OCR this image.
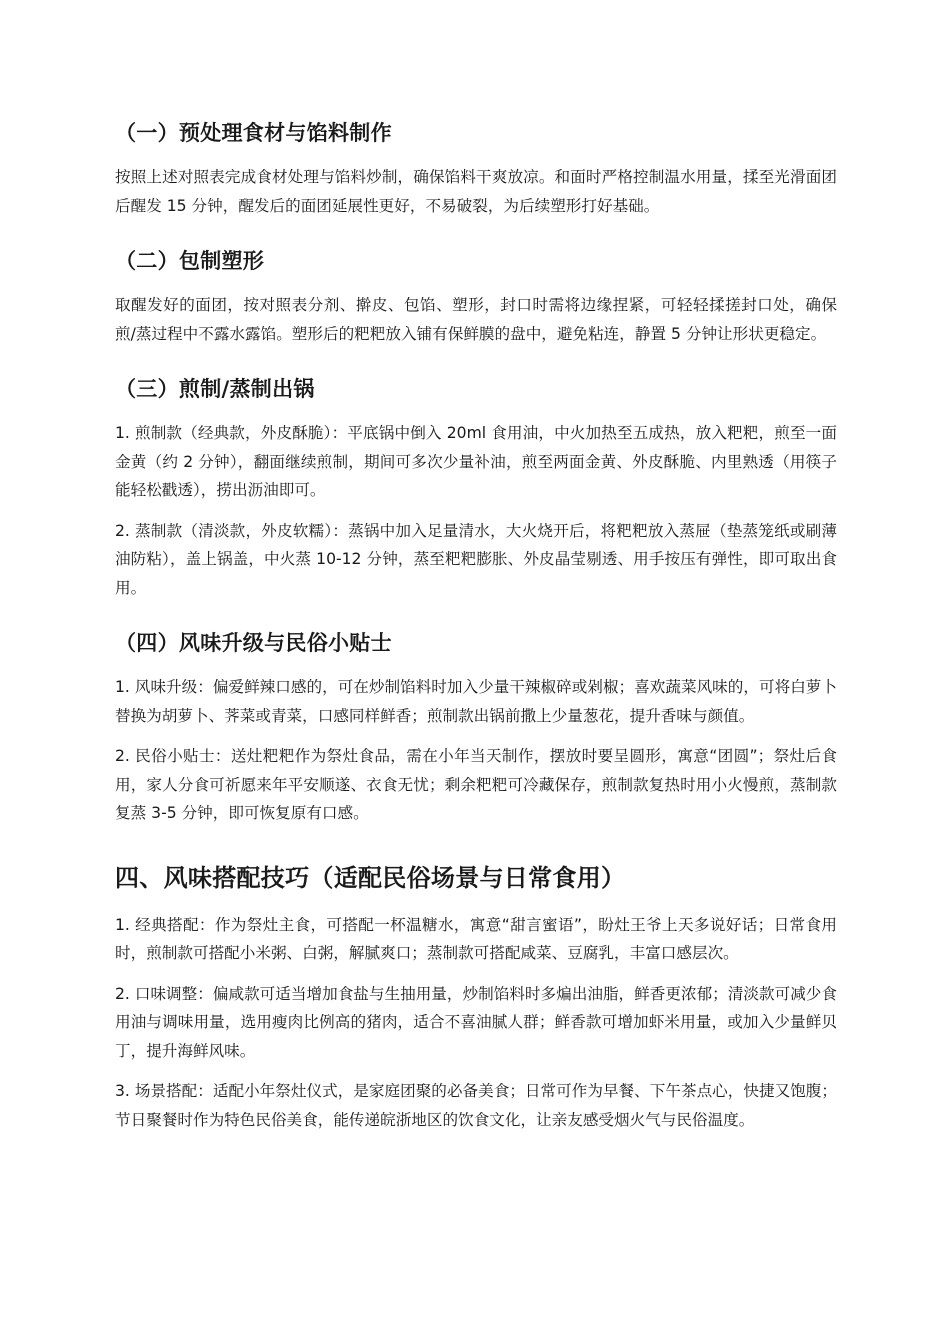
（一）预处理食材与馅料制作

按照上述对照表完成食材处理与馅料炒制，确保馅料干爽放凉。和面时严格控制温水用量，揉至光滑面团后醒发 15 分钟，醒发后的面团延展性更好，不易破裂，为后续塑形打好基础。

（二）包制塑形

取醒发好的面团，按对照表分剂、擀皮、包馅、塑形，封口时需将边缘捏紧，可轻轻揉搓封口处，确保煎/蒸过程中不露水露馅。塑形后的粑粑放入铺有保鲜膜的盘中，避免粘连，静置 5 分钟让形状更稳定。

（三）煎制/蒸制出锅

1. 煎制款（经典款，外皮酥脆）：平底锅中倒入 20ml 食用油，中火加热至五成热，放入粑粑，煎至一面金黄（约 2 分钟），翻面继续煎制，期间可多次少量补油，煎至两面金黄、外皮酥脆、内里熟透（用筷子能轻松戳透），捞出沥油即可。

2. 蒸制款（清淡款，外皮软糯）：蒸锅中加入足量清水，大火烧开后，将粑粑放入蒸屉（垫蒸笼纸或刷薄油防粘），盖上锅盖，中火蒸 10-12 分钟，蒸至粑粑膨胀、外皮晶莹剔透、用手按压有弹性，即可取出食用。

（四）风味升级与民俗小贴士

1. 风味升级：偏爱鲜辣口感的，可在炒制馅料时加入少量干辣椒碎或剁椒；喜欢蔬菜风味的，可将白萝卜替换为胡萝卜、荠菜或青菜，口感同样鲜香；煎制款出锅前撒上少量葱花，提升香味与颜值。

2. 民俗小贴士：送灶粑粑作为祭灶食品，需在小年当天制作，摆放时要呈圆形，寓意“团圆”；祭灶后食用，家人分食可祈愿来年平安顺遂、衣食无忧；剩余粑粑可冷藏保存，煎制款复热时用小火慢煎，蒸制款复蒸 3-5 分钟，即可恢复原有口感。

四、风味搭配技巧（适配民俗场景与日常食用）

1. 经典搭配：作为祭灶主食，可搭配一杯温糖水，寓意“甜言蜜语”，盼灶王爷上天多说好话；日常食用时，煎制款可搭配小米粥、白粥，解腻爽口；蒸制款可搭配咸菜、豆腐乳，丰富口感层次。

2. 口味调整：偏咸款可适当增加食盐与生抽用量，炒制馅料时多煸出油脂，鲜香更浓郁；清淡款可减少食用油与调味用量，选用瘦肉比例高的猪肉，适合不喜油腻人群；鲜香款可增加虾米用量，或加入少量鲜贝丁，提升海鲜风味。

3. 场景搭配：适配小年祭灶仪式，是家庭团聚的必备美食；日常可作为早餐、下午茶点心，快捷又饱腹；节日聚餐时作为特色民俗美食，能传递皖浙地区的饮食文化，让亲友感受烟火气与民俗温度。
